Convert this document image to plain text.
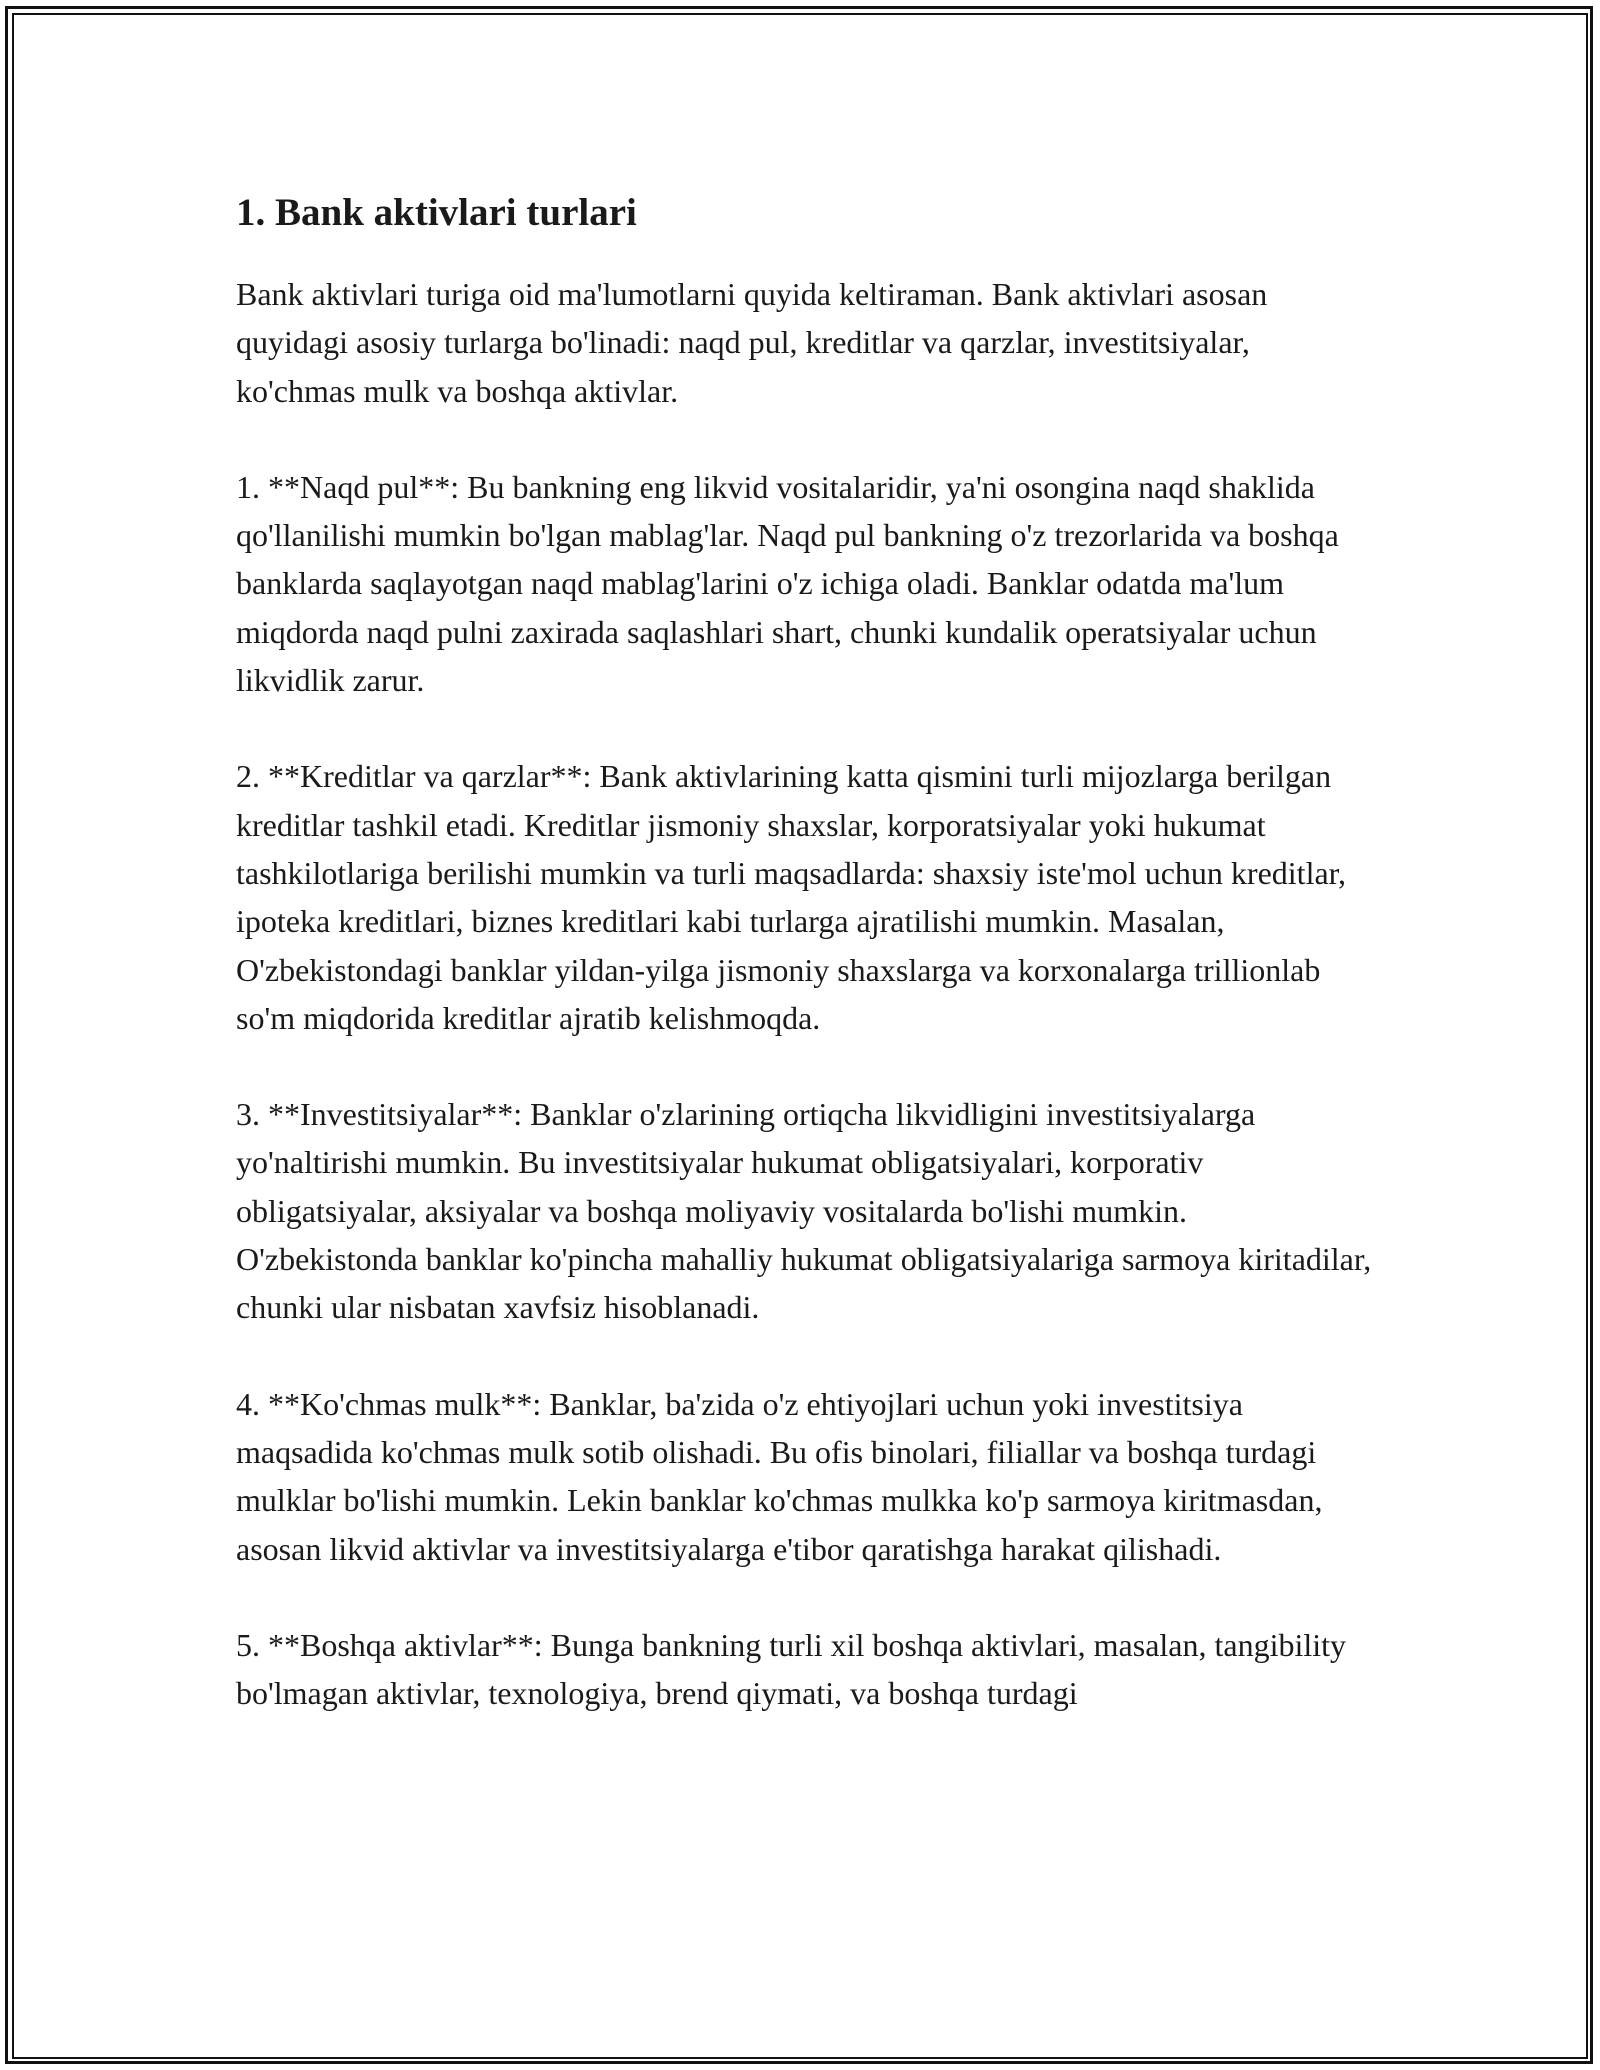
1. Bank aktivlari turlari

Bank aktivlari turiga oid ma'lumotlarni quyida keltiraman. Bank aktivlari asosan quyidagi asosiy turlarga bo'linadi: naqd pul, kreditlar va qarzlar, investitsiyalar, ko'chmas mulk va boshqa aktivlar.

1. **Naqd pul**: Bu bankning eng likvid vositalaridir, ya'ni osongina naqd shaklida qo'llanilishi mumkin bo'lgan mablag'lar. Naqd pul bankning o'z trezorlarida va boshqa banklarda saqlayotgan naqd mablag'larini o'z ichiga oladi. Banklar odatda ma'lum miqdorda naqd pulni zaxirada saqlashlari shart, chunki kundalik operatsiyalar uchun likvidlik zarur.

2. **Kreditlar va qarzlar**: Bank aktivlarining katta qismini turli mijozlarga berilgan kreditlar tashkil etadi. Kreditlar jismoniy shaxslar, korporatsiyalar yoki hukumat tashkilotlariga berilishi mumkin va turli maqsadlarda: shaxsiy iste'mol uchun kreditlar, ipoteka kreditlari, biznes kreditlari kabi turlarga ajratilishi mumkin. Masalan, O'zbekistondagi banklar yildan-yilga jismoniy shaxslarga va korxonalarga trillionlab so'm miqdorida kreditlar ajratib kelishmoqda.

3. **Investitsiyalar**: Banklar o'zlarining ortiqcha likvidligini investitsiyalarga yo'naltirishi mumkin. Bu investitsiyalar hukumat obligatsiyalari, korporativ obligatsiyalar, aksiyalar va boshqa moliyaviy vositalarda bo'lishi mumkin. O'zbekistonda banklar ko'pincha mahalliy hukumat obligatsiyalariga sarmoya kiritadilar, chunki ular nisbatan xavfsiz hisoblanadi.

4. **Ko'chmas mulk**: Banklar, ba'zida o'z ehtiyojlari uchun yoki investitsiya maqsadida ko'chmas mulk sotib olishadi. Bu ofis binolari, filiallar va boshqa turdagi mulklar bo'lishi mumkin. Lekin banklar ko'chmas mulkka ko'p sarmoya kiritmasdan, asosan likvid aktivlar va investitsiyalarga e'tibor qaratishga harakat qilishadi.

5. **Boshqa aktivlar**: Bunga bankning turli xil boshqa aktivlari, masalan, tangibility bo'lmagan aktivlar, texnologiya, brend qiymati, va boshqa turdagi
